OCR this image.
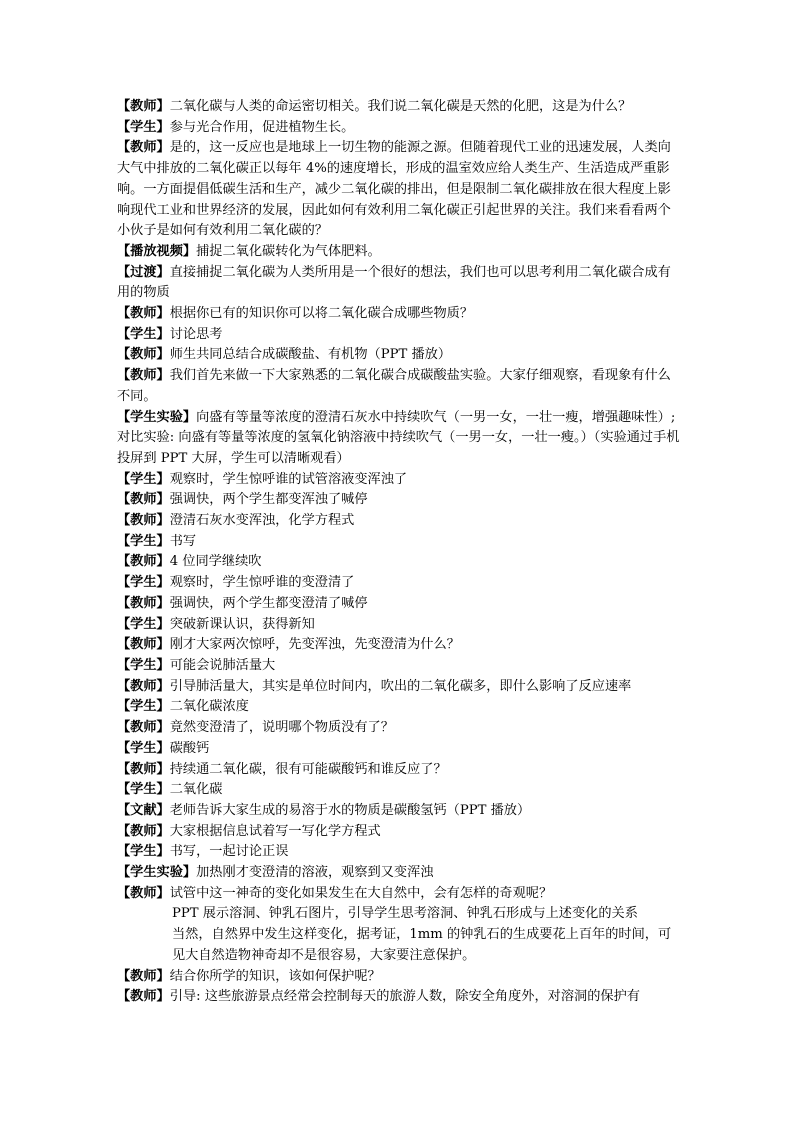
【教师】二氧化碳与人类的命运密切相关。我们说二氧化碳是天然的化肥，这是为什么？
【学生】参与光合作用，促进植物生长。
【教师】是的，这一反应也是地球上一切生物的能源之源。但随着现代工业的迅速发展，人类向大气中排放的二氧化碳正以每年 4%的速度增长，形成的温室效应给人类生产、生活造成严重影响。一方面提倡低碳生活和生产，减少二氧化碳的排出，但是限制二氧化碳排放在很大程度上影响现代工业和世界经济的发展，因此如何有效利用二氧化碳正引起世界的关注。我们来看看两个小伙子是如何有效利用二氧化碳的？
【播放视频】捕捉二氧化碳转化为气体肥料。
【过渡】直接捕捉二氧化碳为人类所用是一个很好的想法，我们也可以思考利用二氧化碳合成有用的物质
【教师】根据你已有的知识你可以将二氧化碳合成哪些物质？
【学生】讨论思考
【教师】师生共同总结合成碳酸盐、有机物（PPT 播放）
【教师】我们首先来做一下大家熟悉的二氧化碳合成碳酸盐实验。大家仔细观察，看现象有什么不同。
【学生实验】向盛有等量等浓度的澄清石灰水中持续吹气（一男一女，一壮一瘦，增强趣味性）; 对比实验: 向盛有等量等浓度的氢氧化钠溶液中持续吹气（一男一女，一壮一瘦。）（实验通过手机投屏到 PPT 大屏，学生可以清晰观看）
【学生】观察时，学生惊呼谁的试管溶液变浑浊了
【教师】强调快，两个学生都变浑浊了喊停
【教师】澄清石灰水变浑浊，化学方程式
【学生】书写
【教师】4 位同学继续吹
【学生】观察时，学生惊呼谁的变澄清了
【教师】强调快，两个学生都变澄清了喊停
【学生】突破新课认识，获得新知
【教师】刚才大家两次惊呼，先变浑浊，先变澄清为什么？
【学生】可能会说肺活量大
【教师】引导肺活量大，其实是单位时间内，吹出的二氧化碳多，即什么影响了反应速率
【学生】二氧化碳浓度
【教师】竟然变澄清了，说明哪个物质没有了？
【学生】碳酸钙
【教师】持续通二氧化碳，很有可能碳酸钙和谁反应了？
【学生】二氧化碳
【文献】老师告诉大家生成的易溶于水的物质是碳酸氢钙（PPT 播放）
【教师】大家根据信息试着写一写化学方程式
【学生】书写，一起讨论正误
【学生实验】加热刚才变澄清的溶液，观察到又变浑浊
【教师】试管中这一神奇的变化如果发生在大自然中，会有怎样的奇观呢？
PPT 展示溶洞、钟乳石图片，引导学生思考溶洞、钟乳石形成与上述变化的关系
当然，自然界中发生这样变化，据考证，1mm 的钟乳石的生成要花上百年的时间，可见大自然造物神奇却不是很容易，大家要注意保护。
【教师】结合你所学的知识，该如何保护呢？
【教师】引导: 这些旅游景点经常会控制每天的旅游人数，除安全角度外，对溶洞的保护有
